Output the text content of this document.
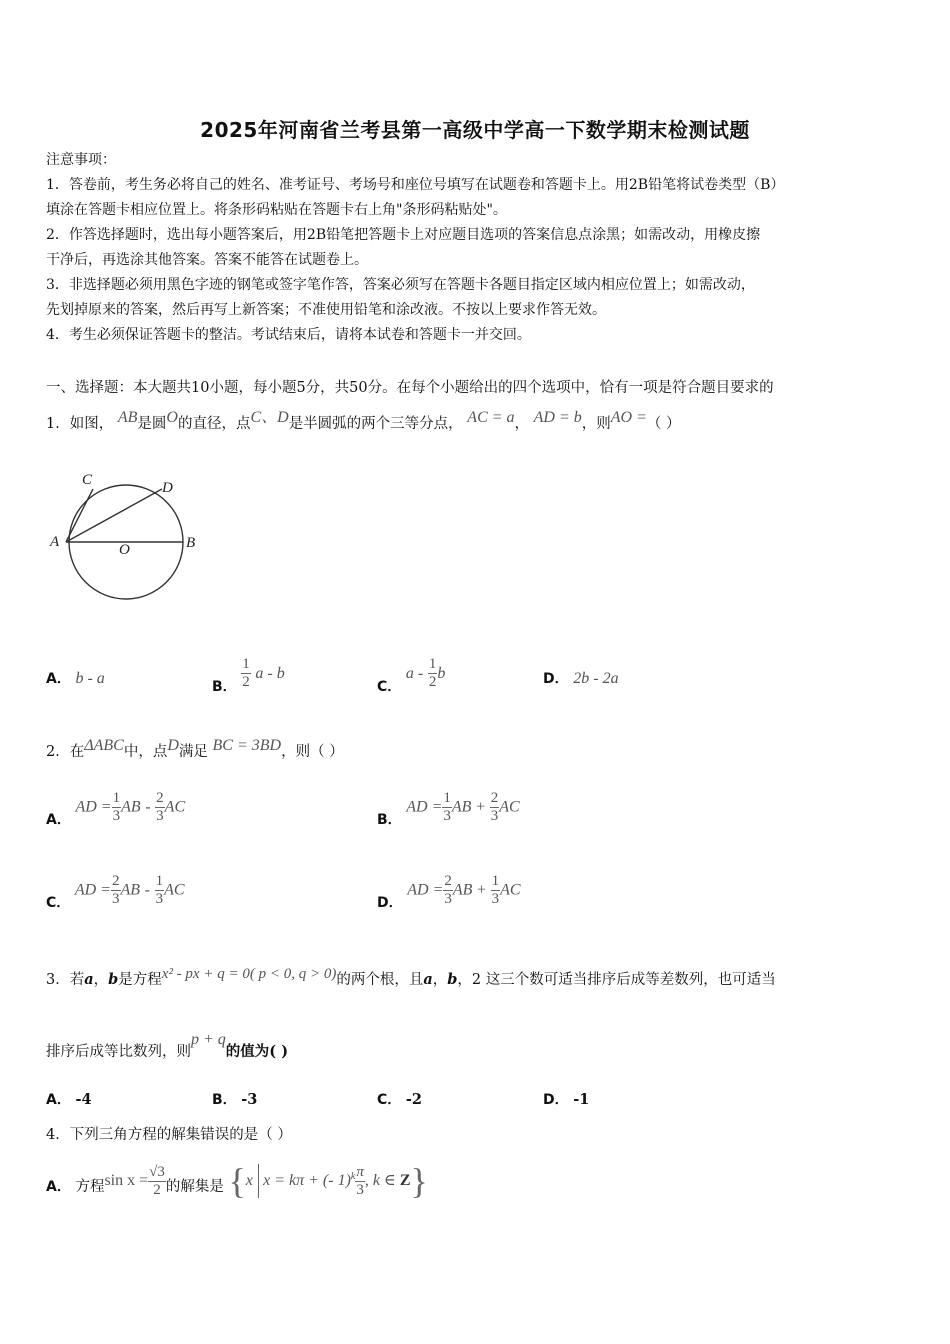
2025年河南省兰考县第一高级中学高一下数学期末检测试题
注意事项：
1．答卷前，考生务必将自己的姓名、准考证号、考场号和座位号填写在试题卷和答题卡上。用2B铅笔将试卷类型（B）
填涂在答题卡相应位置上。将条形码粘贴在答题卡右上角"条形码粘贴处"。
2．作答选择题时，选出每小题答案后，用2B铅笔把答题卡上对应题目选项的答案信息点涂黑；如需改动，用橡皮擦
干净后，再选涂其他答案。答案不能答在试题卷上。
3．非选择题必须用黑色字迹的钢笔或签字笔作答，答案必须写在答题卡各题目指定区域内相应位置上；如需改动，
先划掉原来的答案，然后再写上新答案；不准使用铅笔和涂改液。不按以上要求作答无效。
4．考生必须保证答题卡的整洁。考试结束后，请将本试卷和答题卡一并交回。
一、选择题：本大题共10小题，每小题5分，共50分。在每个小题给出的四个选项中，恰有一项是符合题目要求的
1．如图， AB是圆O的直径，点C、D是半圆弧的两个三等分点， AC = a， AD = b，则AO =（ ）
A	B
C	D
O
A． b - a	B． $\frac{1}{2}$ a - b
C． a - $\frac{1}{2}$ b	D． 2b - 2a
2．在ΔABC中，点D满足 BC = 3BD，则（ ）
A． AD = $\frac{1}{3}$ AB - $\frac{2}{3}$ AC
B． AD = $\frac{1}{3}$ AB + $\frac{2}{3}$ AC
C． AD = $\frac{2}{3}$ AB - $\frac{1}{3}$ AC
D． AD = $\frac{2}{3}$ AB + $\frac{1}{3}$ AC
3．若a，b是方程x² - px + q = 0( p < 0, q > 0)的两个根，且a，b，2 这三个数可适当排序后成等差数列，也可适当
排序后成等比数列，则p + q的值为( )
A． -4	B． -3	C． -2	D． -1
4．下列三角方程的解集错误的是（ ）
A． 方程$\sin x = \frac{√3}{2}$ 的解集是 {x x = kπ + (- $1)^k \frac{\pi}{3}$ , k ∈ Z}
